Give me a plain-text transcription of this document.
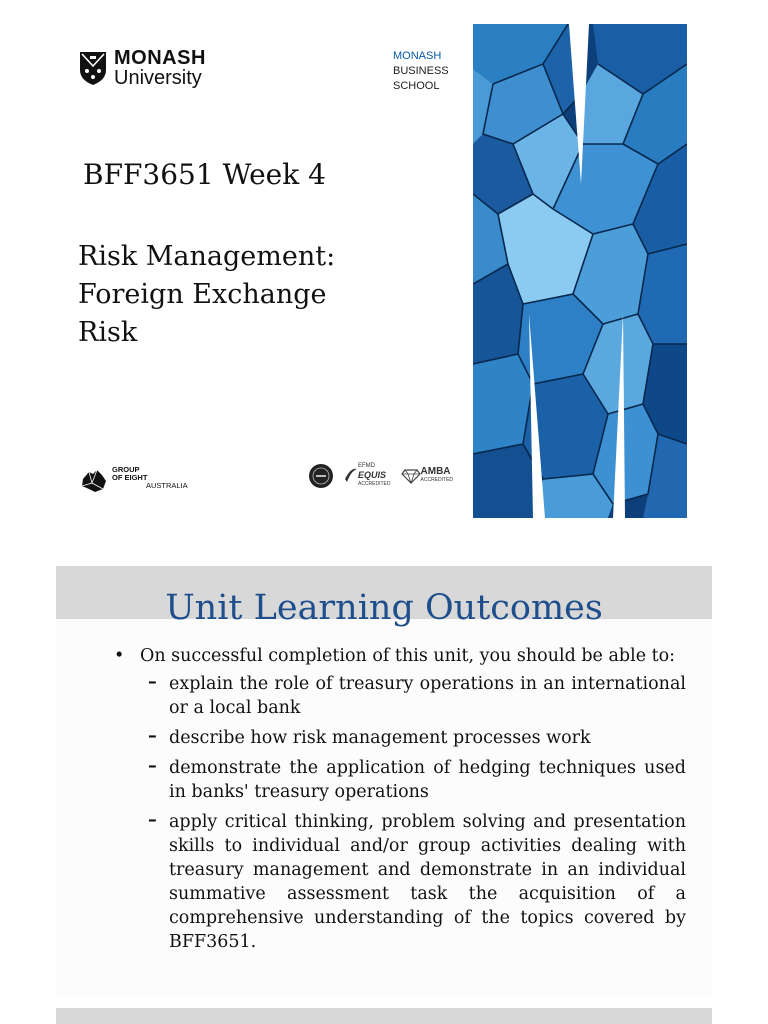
MONASH
University
MONASH
BUSINESS
SCHOOL
BFF3651 Week 4
Risk Management:
Foreign Exchange
Risk
GROUP
OF EIGHT
AUSTRALIA
EFMD
EQUIS
ACCREDITED
AMBA
ACCREDITED
Unit Learning Outcomes
• On successful completion of this unit, you should be able to:
– explain the role of treasury operations in an international or a local bank
– describe how risk management processes work
– demonstrate the application of hedging techniques used in banks' treasury operations
– apply critical thinking, problem solving and presentation skills to individual and/or group activities dealing with treasury management and demonstrate in an individual summative assessment task the acquisition of a comprehensive understanding of the topics covered by BFF3651.
